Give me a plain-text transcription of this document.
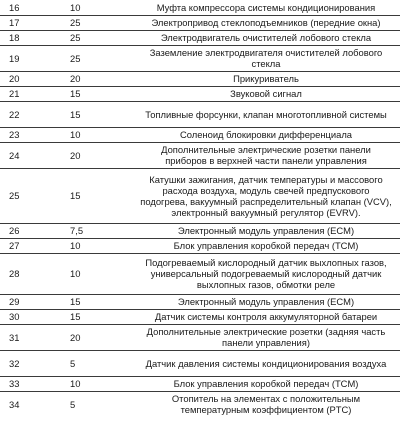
16	10	Муфта компрессора системы кондиционирования
17	25	Электропривод стеклоподъемников (передние окна)
18	25	Электродвигатель очистителей лобового стекла
19	25	Заземление электродвигателя очистителей лобового стекла
20	20	Прикуриватель
21	15	Звуковой сигнал
22	15	Топливные форсунки, клапан многотопливной системы
23	10	Соленоид блокировки дифференциала
24	20	Дополнительные электрические розетки панели приборов в верхней части панели управления
25	15	Катушки зажигания, датчик температуры и массового расхода воздуха, модуль свечей предпускового подогрева, вакуумный распределительный клапан (VCV), электронный вакуумный регулятор (EVRV).
26	7,5	Электронный модуль управления (ECM)
27	10	Блок управления коробкой передач (TCM)
28	10	Подогреваемый кислородный датчик выхлопных газов, универсальный подогреваемый кислородный датчик выхлопных газов, обмотки реле
29	15	Электронный модуль управления (ECM)
30	15	Датчик системы контроля аккумуляторной батареи
31	20	Дополнительные электрические розетки (задняя часть панели управления)
32	5	Датчик давления системы кондиционирования воздуха
33	10	Блок управления коробкой передач (TCM)
34	5	Отопитель на элементах с положительным температурным коэффициентом (PTC)
